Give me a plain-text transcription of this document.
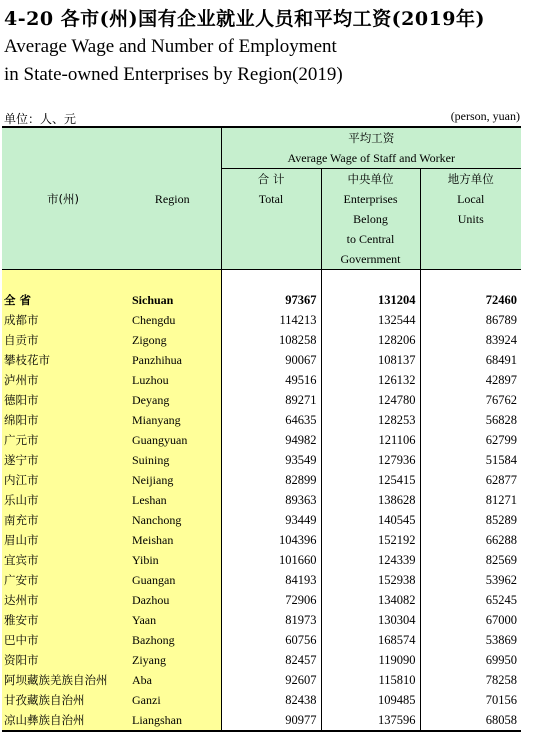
4-20 各市(州)国有企业就业人员和平均工资(2019年)
Average Wage and Number of Employment
in State-owned Enterprises by Region(2019)
单位：人、元	(person, yuan)
市(州)	Region	平均工资		
		Average Wage of Staff and Worker		
		合 计	中央单位	地方单位
		Total	Enterprises	Local
			Belong	Units
			to Central	
			Government	

全 省	Sichuan	97367	131204	72460
成都市	Chengdu	114213	132544	86789
自贡市	Zigong	108258	128206	83924
攀枝花市	Panzhihua	90067	108137	68491
泸州市	Luzhou	49516	126132	42897
德阳市	Deyang	89271	124780	76762
绵阳市	Mianyang	64635	128253	56828
广元市	Guangyuan	94982	121106	62799
遂宁市	Suining	93549	127936	51584
内江市	Neijiang	82899	125415	62877
乐山市	Leshan	89363	138628	81271
南充市	Nanchong	93449	140545	85289
眉山市	Meishan	104396	152192	66288
宜宾市	Yibin	101660	124339	82569
广安市	Guangan	84193	152938	53962
达州市	Dazhou	72906	134082	65245
雅安市	Yaan	81973	130304	67000
巴中市	Bazhong	60756	168574	53869
资阳市	Ziyang	82457	119090	69950
阿坝藏族羌族自治州	Aba	92607	115810	78258
甘孜藏族自治州	Ganzi	82438	109485	70156
凉山彝族自治州	Liangshan	90977	137596	68058
